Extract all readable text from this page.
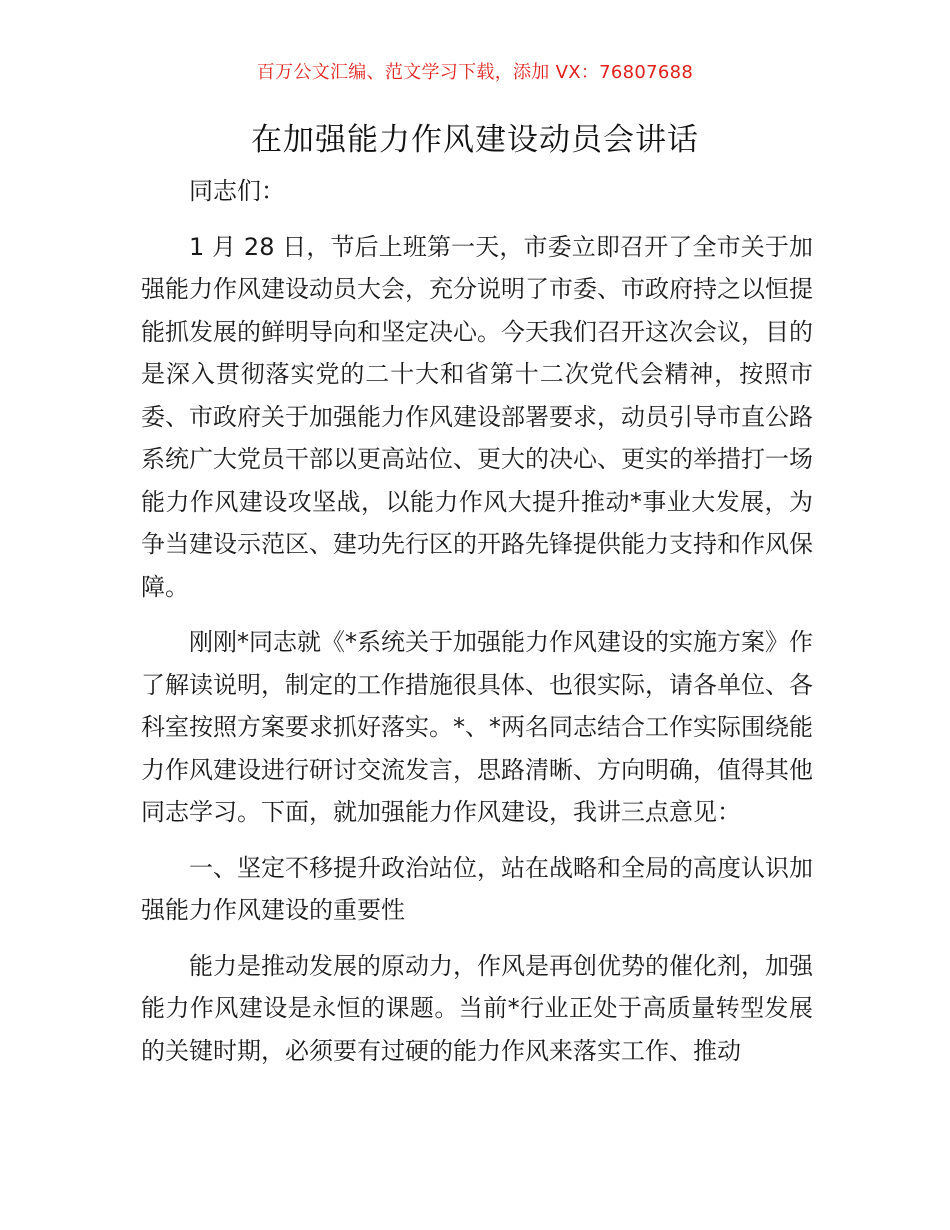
百万公文汇编、范文学习下载，添加 VX：76807688
在加强能力作风建设动员会讲话

同志们：

1 月 28 日，节后上班第一天，市委立即召开了全市关于加强能力作风建设动员大会，充分说明了市委、市政府持之以恒提能抓发展的鲜明导向和坚定决心。今天我们召开这次会议，目的是深入贯彻落实党的二十大和省第十二次党代会精神，按照市委、市政府关于加强能力作风建设部署要求，动员引导市直公路系统广大党员干部以更高站位、更大的决心、更实的举措打一场能力作风建设攻坚战，以能力作风大提升推动*事业大发展，为争当建设示范区、建功先行区的开路先锋提供能力支持和作风保障。

刚刚*同志就《*系统关于加强能力作风建设的实施方案》作了解读说明，制定的工作措施很具体、也很实际，请各单位、各科室按照方案要求抓好落实。*、*两名同志结合工作实际围绕能力作风建设进行研讨交流发言，思路清晰、方向明确，值得其他同志学习。下面，就加强能力作风建设，我讲三点意见：

一、坚定不移提升政治站位，站在战略和全局的高度认识加强能力作风建设的重要性

能力是推动发展的原动力，作风是再创优势的催化剂，加强能力作风建设是永恒的课题。当前*行业正处于高质量转型发展的关键时期，必须要有过硬的能力作风来落实工作、推动
